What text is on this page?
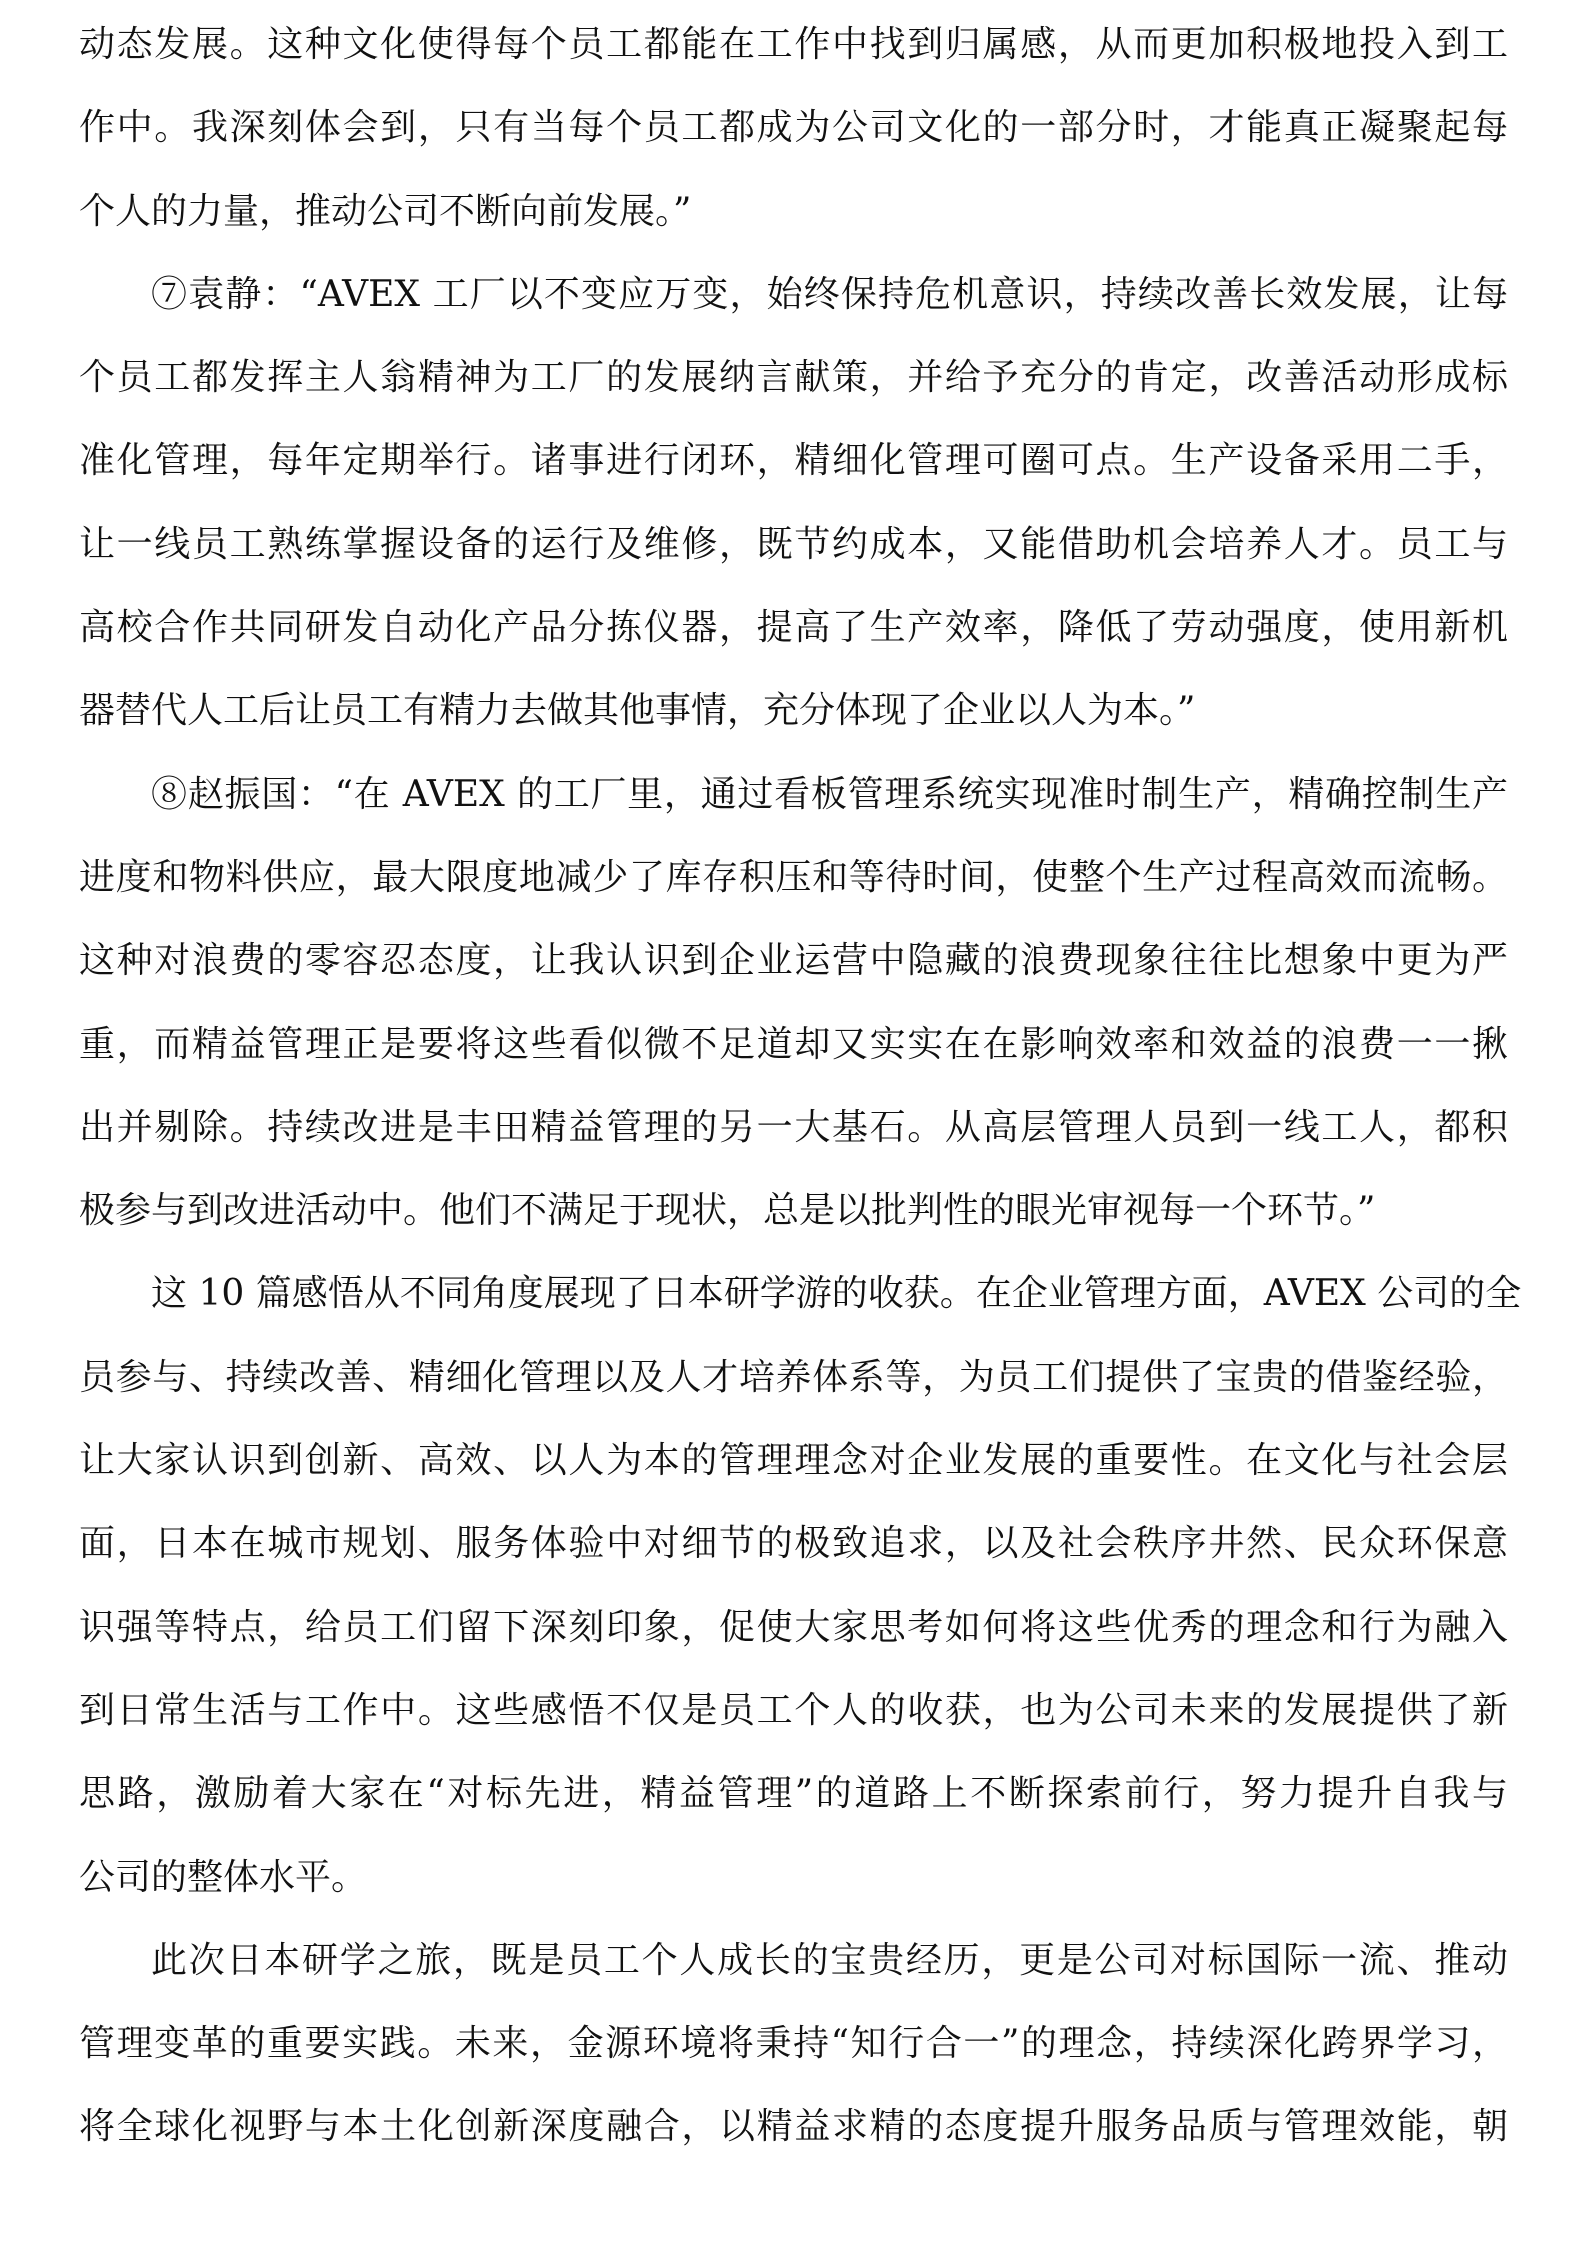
动态发展。这种文化使得每个员工都能在工作中找到归属感，从而更加积极地投入到工
作中。我深刻体会到，只有当每个员工都成为公司文化的一部分时，才能真正凝聚起每
个人的力量，推动公司不断向前发展。”
⑦袁静：“AVEX 工厂以不变应万变，始终保持危机意识，持续改善长效发展，让每
个员工都发挥主人翁精神为工厂的发展纳言献策，并给予充分的肯定，改善活动形成标
准化管理，每年定期举行。诸事进行闭环，精细化管理可圈可点。生产设备采用二手，
让一线员工熟练掌握设备的运行及维修，既节约成本，又能借助机会培养人才。员工与
高校合作共同研发自动化产品分拣仪器，提高了生产效率，降低了劳动强度，使用新机
器替代人工后让员工有精力去做其他事情，充分体现了企业以人为本。”
⑧赵振国：“在 AVEX 的工厂里，通过看板管理系统实现准时制生产，精确控制生产
进度和物料供应，最大限度地减少了库存积压和等待时间，使整个生产过程高效而流畅。
这种对浪费的零容忍态度，让我认识到企业运营中隐藏的浪费现象往往比想象中更为严
重，而精益管理正是要将这些看似微不足道却又实实在在影响效率和效益的浪费一一揪
出并剔除。持续改进是丰田精益管理的另一大基石。从高层管理人员到一线工人，都积
极参与到改进活动中。他们不满足于现状，总是以批判性的眼光审视每一个环节。”
这 10 篇感悟从不同角度展现了日本研学游的收获。在企业管理方面，AVEX 公司的全
员参与、持续改善、精细化管理以及人才培养体系等，为员工们提供了宝贵的借鉴经验，
让大家认识到创新、高效、以人为本的管理理念对企业发展的重要性。在文化与社会层
面，日本在城市规划、服务体验中对细节的极致追求，以及社会秩序井然、民众环保意
识强等特点，给员工们留下深刻印象，促使大家思考如何将这些优秀的理念和行为融入
到日常生活与工作中。这些感悟不仅是员工个人的收获，也为公司未来的发展提供了新
思路，激励着大家在“对标先进，精益管理”的道路上不断探索前行，努力提升自我与
公司的整体水平。
此次日本研学之旅，既是员工个人成长的宝贵经历，更是公司对标国际一流、推动
管理变革的重要实践。未来，金源环境将秉持“知行合一”的理念，持续深化跨界学习，
将全球化视野与本土化创新深度融合，以精益求精的态度提升服务品质与管理效能，朝
